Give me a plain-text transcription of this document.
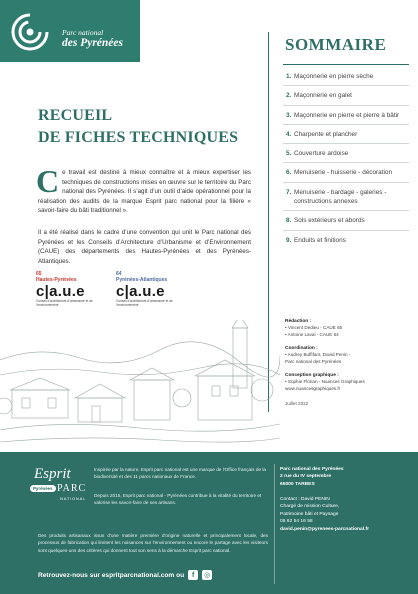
Parc national
des Pyrénées	SOMMAIRE
1. Maçonnerie en pierre sèche
2. Maçonnerie en galet
3. Maçonnerie en pierre et pierre à bâtir
4. Charpente et plancher
5. Couverture ardoise
6. Menuiserie - huisserie - décoration
7. Menuiserie - bardage - galeries - constructions annexes
8. Sols extérieurs et abords
9. Enduits et finitions
RECUEIL
DE FICHES TECHNIQUES

Ce travail est destiné à mieux connaître et à mieux expertiser les techniques de constructions mises en œuvre sur le territoire du Parc national des Pyrénées. Il s’agit d’un outil d’aide opérationnel pour la réalisation des audits de la marque Esprit parc national pour la filière « savoir-faire du bâti traditionnel ».

Il a été réalisé dans le cadre d’une convention qui unit le Parc national des Pyrénées et les Conseils d’Architecture d’Urbanisme et d’Environnement (CAUE) des départements des Hautes-Pyrénées et des Pyrénées-Atlantiques.

65
Hautes-Pyrénées
c|a.u.e
Conseil d'architecture d'urbanisme et de l'environnement
64
Pyrénées-Atlantiques
c|a.u.e
Conseil d'architecture d'urbanisme et de l'environnement
Rédaction :
• Vincent Dedieu - CAUE 65
• Antoine Laval - CAUE 64
Coordination :
• Audrey Buffifant, David Penin -
Parc national des Pyrénées
Conception graphique :
• Sophie Florian - Nuances Graphiques
www.nuancesgraphiques.fr
Juillet 2022
Esprit
Pyrénées PARC
NATIONAL

Inspirée par la nature, Esprit parc national est une marque de l'Office français de la biodiversité et des 11 parcs nationaux de France.

Depuis 2015, Esprit parc national - Pyrénées contribue à la vitalité du territoire et valorise les savoir-faire de ses artisans.

Des produits artisanaux issus d'une matière première d'origine naturelle et principalement locale, des processus de fabrication qui limitent les nuisances sur l'environnement ou encore le partage avec les visiteurs sont quelques-uns des critères qui donnent tout son sens à la démarche Esprit parc national.

Retrouvez-nous sur espritparcnational.com ou	f	◎
Parc national des Pyrénées
2 rue du IV septembre
65000 TARBES
Contact : David PENIN
Chargé de mission Culture,
Patrimoine bâti et Paysage
05 62 54 16 58
david.penin@pyrenees-parcnational.fr
